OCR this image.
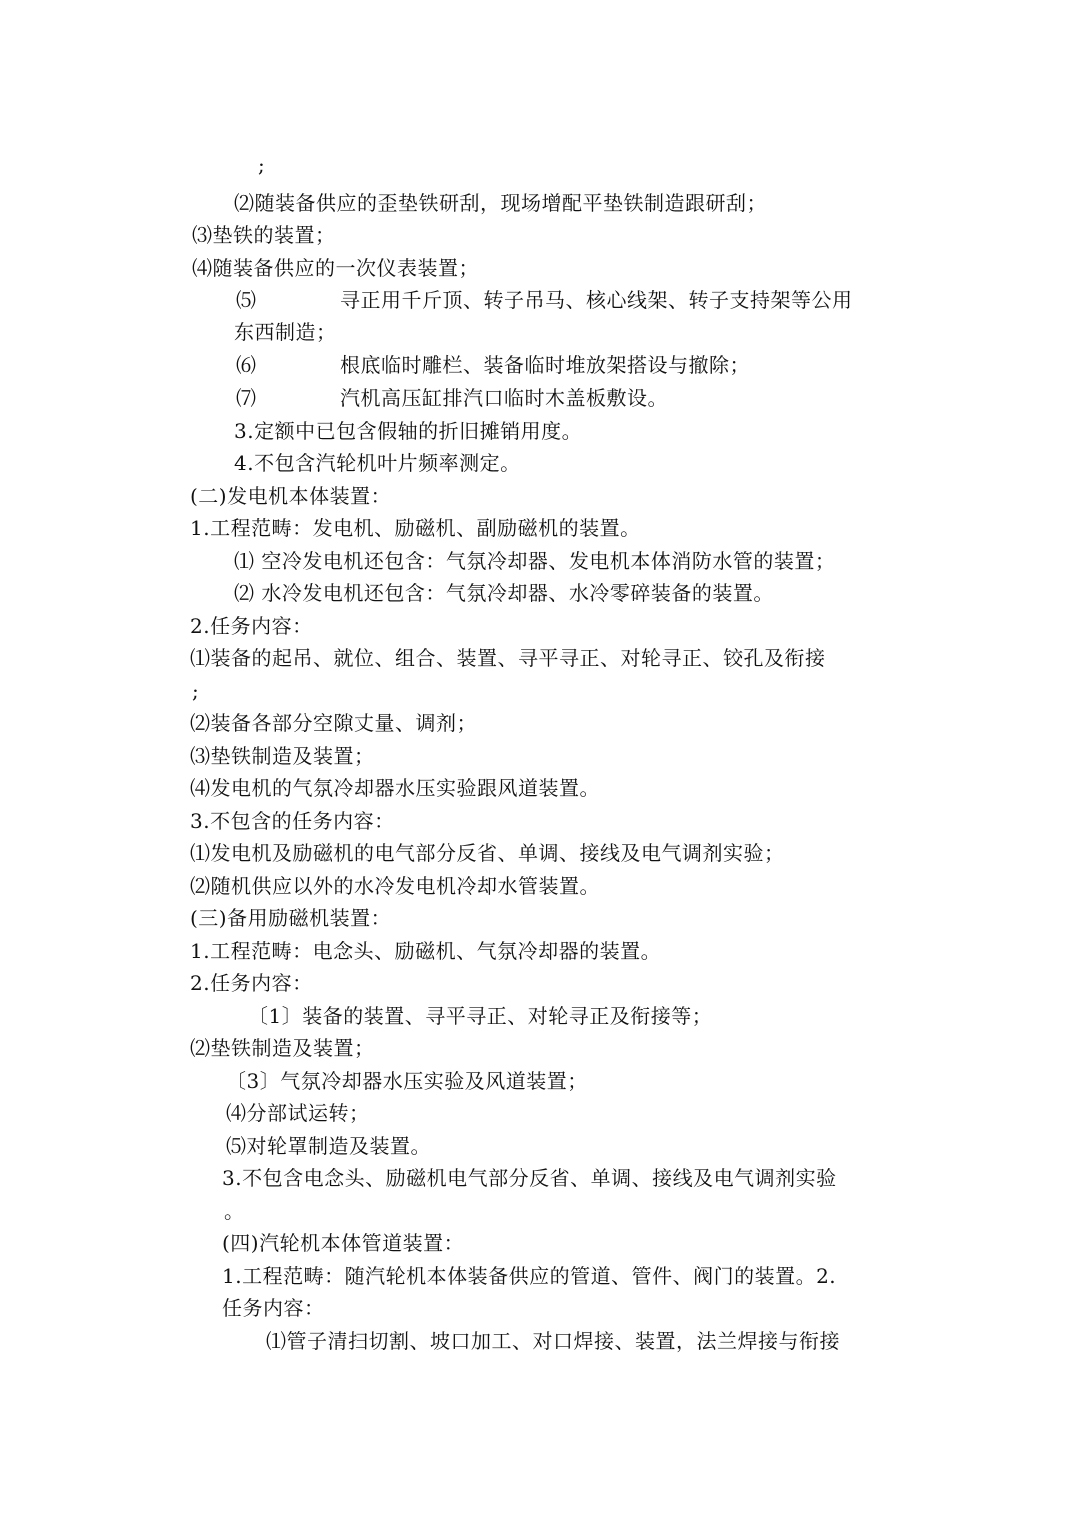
;
⑵随装备供应的歪垫铁研刮，现场增配平垫铁制造跟研刮；
⑶垫铁的装置；
⑷随装备供应的一次仪表装置；
⑸	寻正用千斤顶、转子吊马、核心线架、转子支持架等公用
东西制造；
⑹	根底临时雕栏、装备临时堆放架搭设与撤除；
⑺	汽机高压缸排汽口临时木盖板敷设。
3.定额中已包含假轴的折旧摊销用度。
4.不包含汽轮机叶片频率测定。
(二)发电机本体装置：
1.工程范畴：发电机、励磁机、副励磁机的装置。
⑴ 空冷发电机还包含：气氛冷却器、发电机本体消防水管的装置；
⑵ 水冷发电机还包含：气氛冷却器、水冷零碎装备的装置。
2.任务内容：
⑴装备的起吊、就位、组合、装置、寻平寻正、对轮寻正、铰孔及衔接
;
⑵装备各部分空隙丈量、调剂；
⑶垫铁制造及装置；
⑷发电机的气氛冷却器水压实验跟风道装置。
3.不包含的任务内容：
⑴发电机及励磁机的电气部分反省、单调、接线及电气调剂实验；
⑵随机供应以外的水冷发电机冷却水管装置。
(三)备用励磁机装置：
1.工程范畴：电念头、励磁机、气氛冷却器的装置。
2.任务内容：
〔1〕装备的装置、寻平寻正、对轮寻正及衔接等；
⑵垫铁制造及装置；
〔3〕气氛冷却器水压实验及风道装置；
⑷分部试运转；
⑸对轮罩制造及装置。
3.不包含电念头、励磁机电气部分反省、单调、接线及电气调剂实验
。
(四)汽轮机本体管道装置：
1.工程范畴：随汽轮机本体装备供应的管道、管件、阀门的装置。2.
任务内容：
⑴管子清扫切割、坡口加工、对口焊接、装置，法兰焊接与衔接
